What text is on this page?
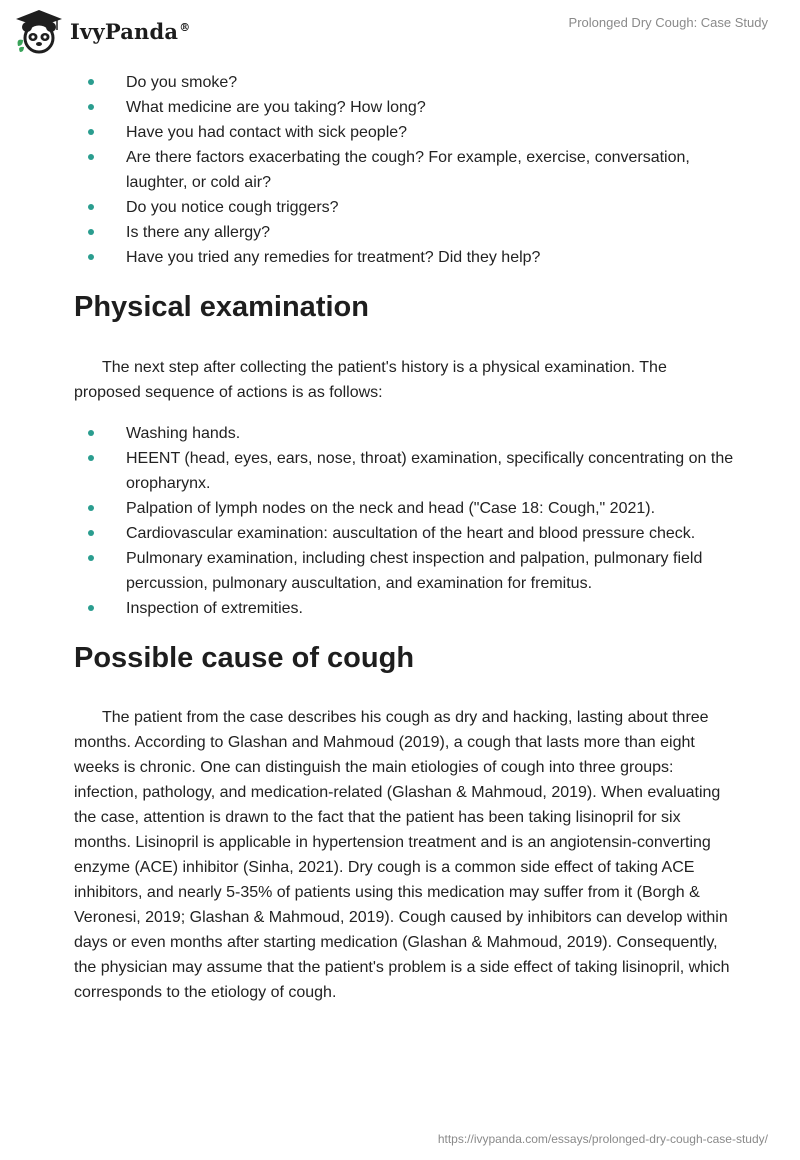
IvyPanda®	Prolonged Dry Cough: Case Study
Do you smoke?
What medicine are you taking? How long?
Have you had contact with sick people?
Are there factors exacerbating the cough? For example, exercise, conversation, laughter, or cold air?
Do you notice cough triggers?
Is there any allergy?
Have you tried any remedies for treatment? Did they help?
Physical examination

The next step after collecting the patient's history is a physical examination. The proposed sequence of actions is as follows:

Washing hands.
HEENT (head, eyes, ears, nose, throat) examination, specifically concentrating on the oropharynx.
Palpation of lymph nodes on the neck and head ("Case 18: Cough," 2021).
Cardiovascular examination: auscultation of the heart and blood pressure check.
Pulmonary examination, including chest inspection and palpation, pulmonary field percussion, pulmonary auscultation, and examination for fremitus.
Inspection of extremities.
Possible cause of cough

The patient from the case describes his cough as dry and hacking, lasting about three months. According to Glashan and Mahmoud (2019), a cough that lasts more than eight weeks is chronic. One can distinguish the main etiologies of cough into three groups: infection, pathology, and medication-related (Glashan & Mahmoud, 2019). When evaluating the case, attention is drawn to the fact that the patient has been taking lisinopril for six months. Lisinopril is applicable in hypertension treatment and is an angiotensin-converting enzyme (ACE) inhibitor (Sinha, 2021). Dry cough is a common side effect of taking ACE inhibitors, and nearly 5-35% of patients using this medication may suffer from it (Borgh & Veronesi, 2019; Glashan & Mahmoud, 2019). Cough caused by inhibitors can develop within days or even months after starting medication (Glashan & Mahmoud, 2019). Consequently, the physician may assume that the patient's problem is a side effect of taking lisinopril, which corresponds to the etiology of cough.

https://ivypanda.com/essays/prolonged-dry-cough-case-study/
